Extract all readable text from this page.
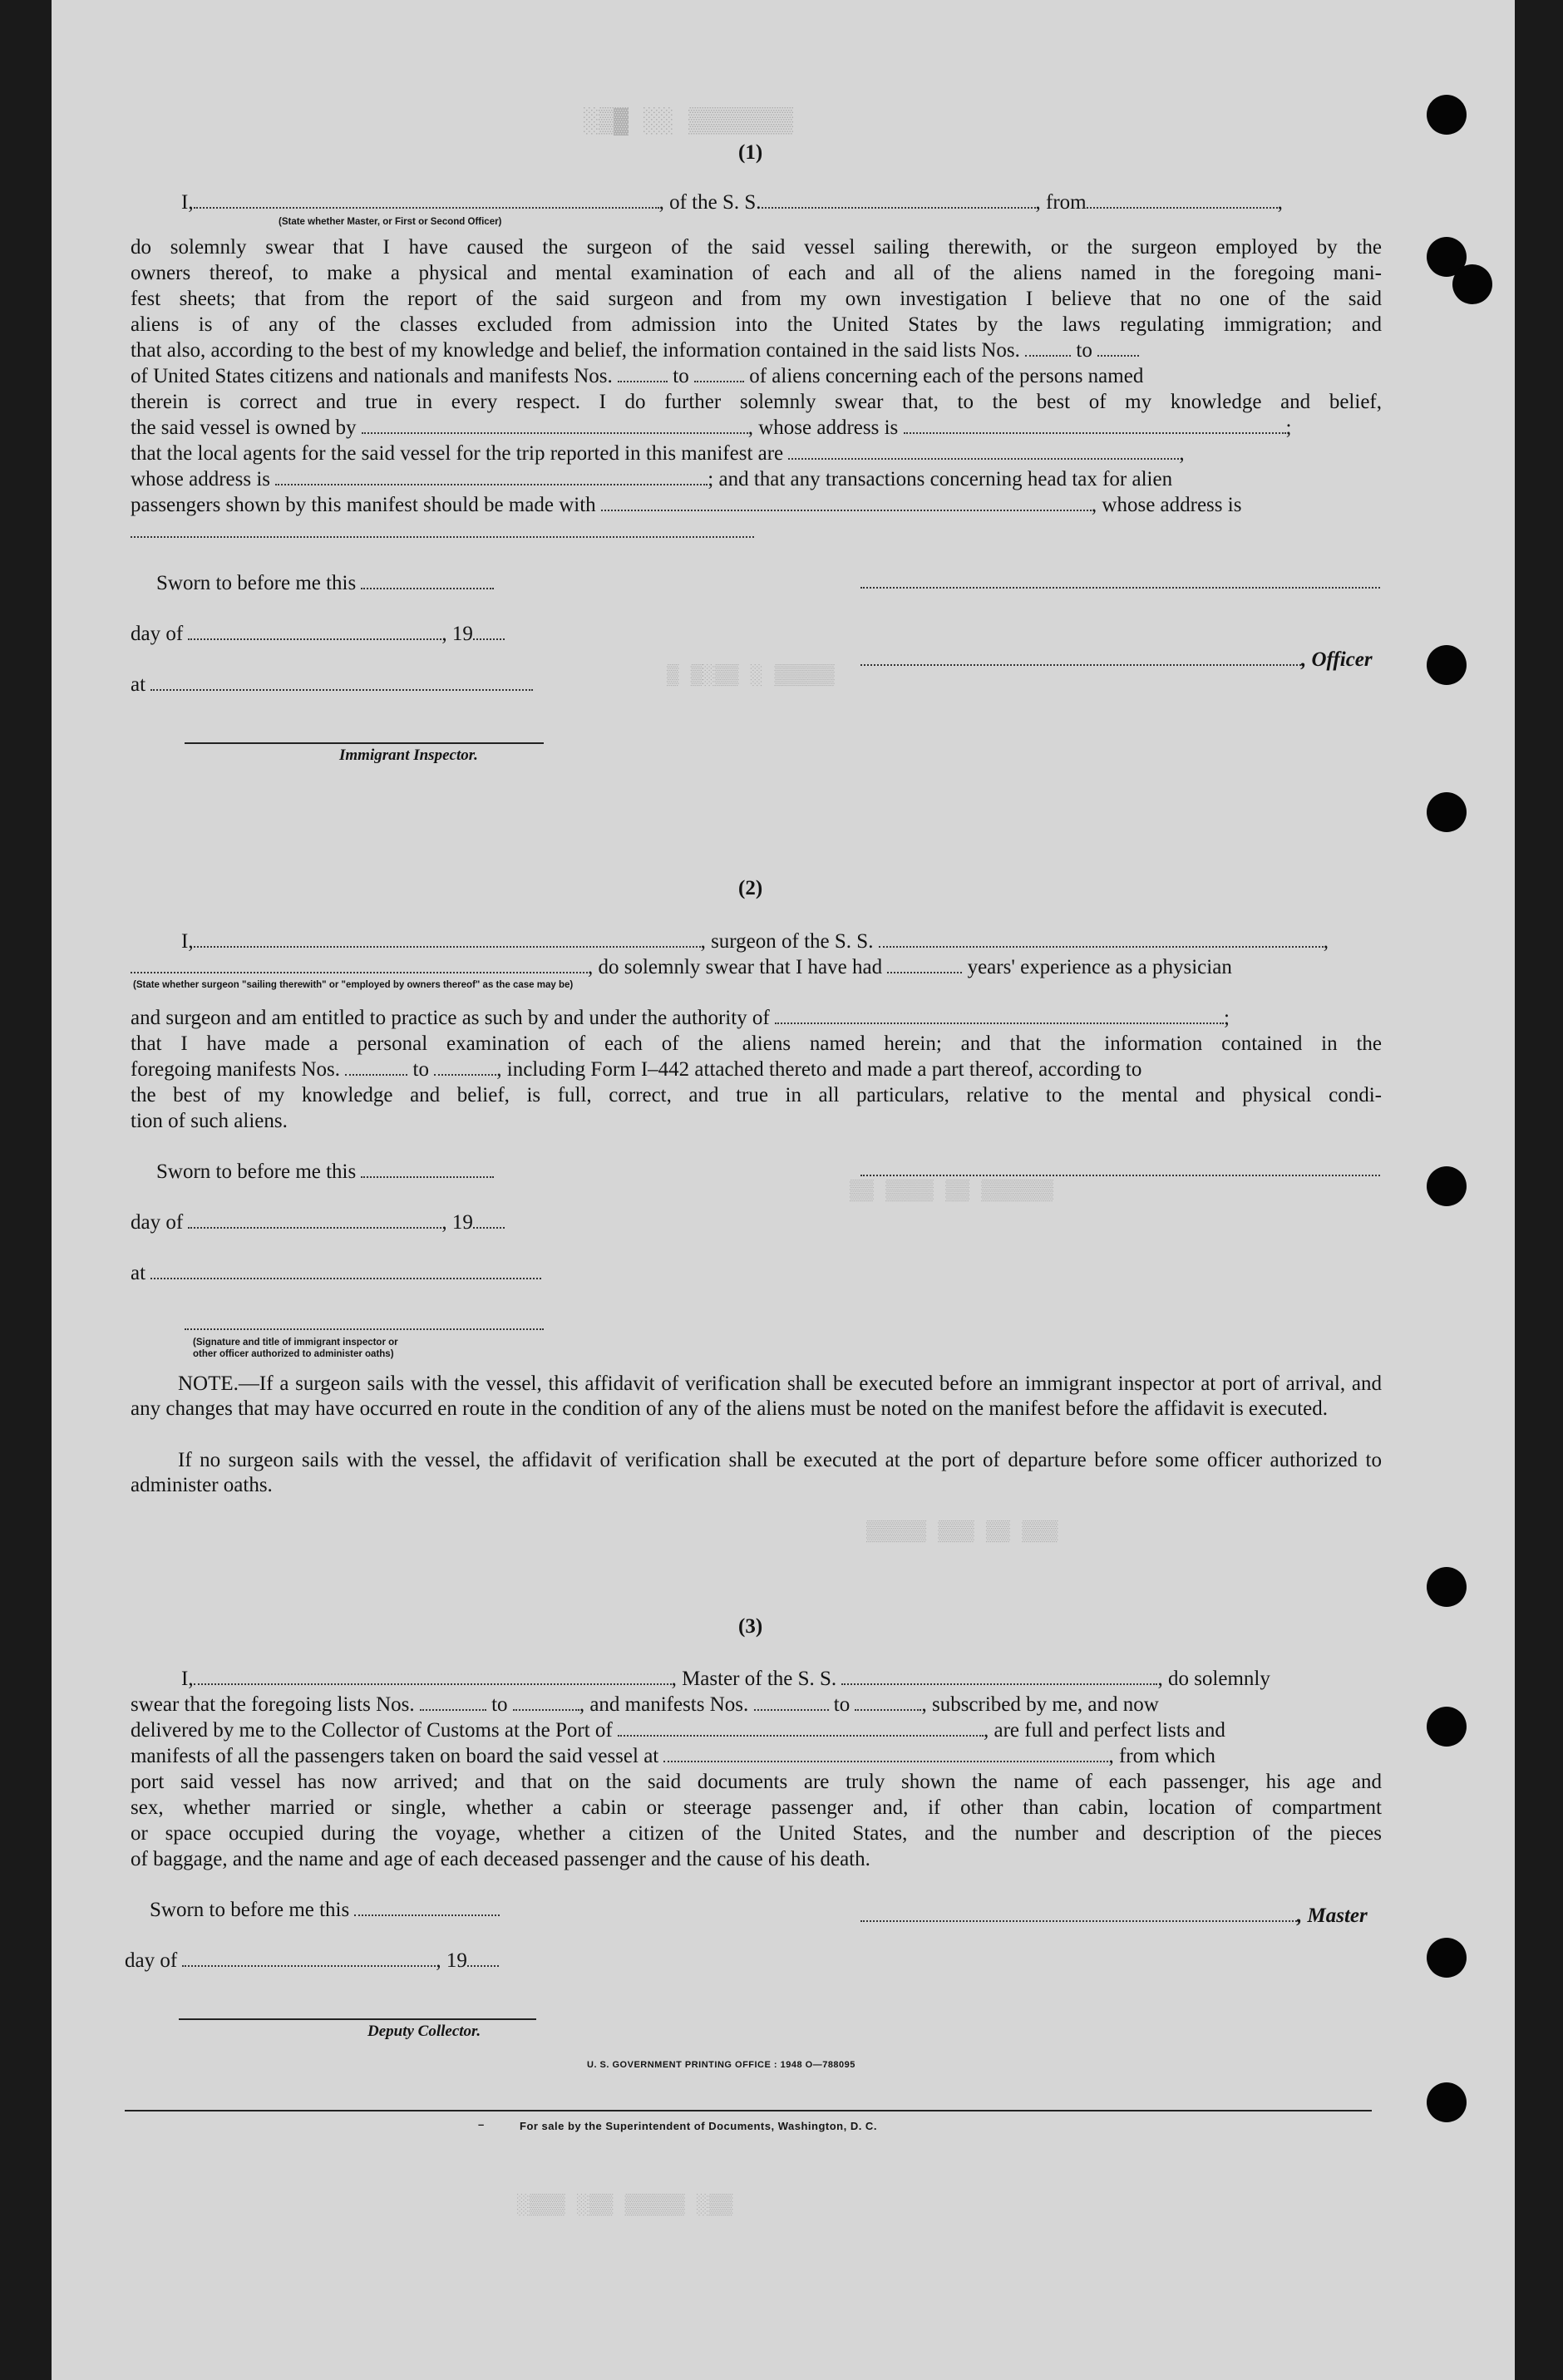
░▒▓ ░░ ▒▒▒▒▒▒▒
▒ ▒░▒▒ ░ ▒▒▒▒▒
▒▒ ▒▒▒▒ ▒▒ ▒▒▒▒▒▒
▒▒▒▒▒ ▒▒▒ ▒▒ ▒▒▒
░▒▒▒ ░▒▒ ▒▒▒▒▒ ░▒▒
(1)
I,	, of the S. S.	, from	,
(State whether Master, or First or Second Officer)
do solemnly swear that I have caused the surgeon of the said vessel sailing therewith, or the surgeon employed by the
owners thereof, to make a physical and mental examination of each and all of the aliens named in the foregoing mani-
fest sheets; that from the report of the said surgeon and from my own investigation I believe that no one of the said
aliens is of any of the classes excluded from admission into the United States by the laws regulating immigration; and
that also, according to the best of my knowledge and belief, the information contained in the said lists Nos.	to
of United States citizens and nationals and manifests Nos.	to	of aliens concerning each of the persons named
therein is correct and true in every respect. I do further solemnly swear that, to the best of my knowledge and belief,
the said vessel is owned by	, whose address is	;
that the local agents for the said vessel for the trip reported in this manifest are	,
whose address is	; and that any transactions concerning head tax for alien
passengers shown by this manifest should be made with	, whose address is
Sworn to before me this
day of	, 19
at
, Officer
Immigrant Inspector.
(2)
I,	, surgeon of the S. S.	,
, do solemnly swear that I have had	years' experience as a physician
(State whether surgeon "sailing therewith" or "employed by owners thereof" as the case may be)
and surgeon and am entitled to practice as such by and under the authority of	;
that I have made a personal examination of each of the aliens named herein; and that the information contained in the
foregoing manifests Nos.	to	, including Form I–442 attached thereto and made a part thereof, according to
the best of my knowledge and belief, is full, correct, and true in all particulars, relative to the mental and physical condi-
tion of such aliens.
Sworn to before me this
day of	, 19
at
(Signature and title of immigrant inspector or
other officer authorized to administer oaths)
NOTE.—If a surgeon sails with the vessel, this affidavit of verification shall be executed before an immigrant inspector at port of arrival, and any changes that may have occurred en route in the condition of any of the aliens must be noted on the manifest before the affidavit is executed.
If no surgeon sails with the vessel, the affidavit of verification shall be executed at the port of departure before some officer authorized to administer oaths.
(3)
I,	, Master of the S. S.	, do solemnly
swear that the foregoing lists Nos.	to	, and manifests Nos.	to	, subscribed by me, and now
delivered by me to the Collector of Customs at the Port of	, are full and perfect lists and
manifests of all the passengers taken on board the said vessel at	, from which
port said vessel has now arrived; and that on the said documents are truly shown the name of each passenger, his age and
sex, whether married or single, whether a cabin or steerage passenger and, if other than cabin, location of compartment
or space occupied during the voyage, whether a citizen of the United States, and the number and description of the pieces
of baggage, and the name and age of each deceased passenger and the cause of his death.
Sworn to before me this	, Master
day of	, 19
Deputy Collector.
U. S. GOVERNMENT PRINTING OFFICE : 1948 O—788095
–	For sale by the Superintendent of Documents, Washington, D. C.
